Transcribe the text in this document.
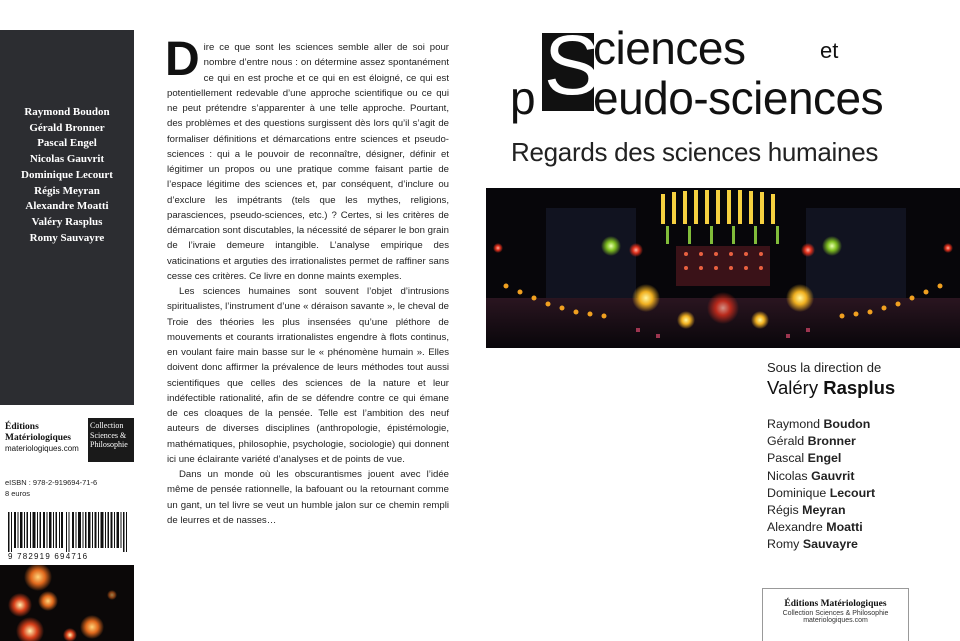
Raymond Boudon
Gérald Bronner
Pascal Engel
Nicolas Gauvrit
Dominique Lecourt
Régis Meyran
Alexandre Moatti
Valéry Rasplus
Romy Sauvayre
Éditions
Matériologiques
materiologiques.com
Collection
Sciences &
Philosophie
eISBN : 978-2-919694-71-6
8 euros
9 782919 694716

Dire ce que sont les sciences semble aller de soi pour nombre d’entre nous : on détermine assez spontanément ce qui en est proche et ce qui en est éloigné, ce qui est potentiellement redevable d’une approche scientifique ou ce qui ne peut prétendre s’apparenter à une telle approche. Pourtant, des problèmes et des questions surgissent dès lors qu’il s’agit de formaliser définitions et démarcations entre sciences et pseudo-sciences : qui a le pouvoir de reconnaître, désigner, définir et légitimer un propos ou une pratique comme faisant partie de l’espace légitime des sciences et, par conséquent, d’inclure ou d’exclure les impétrants (tels que les mythes, religions, parasciences, pseudo-sciences, etc.) ? Certes, si les critères de démarcation sont discutables, la nécessité de séparer le bon grain de l’ivraie demeure intangible. L’analyse empirique des vaticinations et arguties des irrationalistes permet de raffiner sans cesse ces critères. Ce livre en donne maints exemples.

Les sciences humaines sont souvent l’objet d’intrusions spiritualistes, l’instrument d’une « déraison savante », le cheval de Troie des théories les plus insensées qu’une pléthore de mouvements et courants irrationalistes engendre à flots continus, en voulant faire main basse sur le « phénomène humain ». Elles doivent donc affirmer la prévalence de leurs méthodes tout aussi scientifiques que celles des sciences de la nature et leur indéfectible rationalité, afin de se défendre contre ce qui émane de ces cloaques de la pensée. Telle est l’ambition des neuf auteurs de diverses disciplines (anthropologie, épistémologie, mathématiques, philosophie, psychologie, sociologie) qui donnent ici une éclairante variété d’analyses et de points de vue.

Dans un monde où les obscurantismes jouent avec l’idée même de pensée rationnelle, la bafouant ou la retournant comme un gant, un tel livre se veut un humble jalon sur ce chemin rempli de leurres et de nasses…

S
ciences	et
p eudo-sciences
Regards des sciences humaines
Sous la direction de
Valéry Rasplus
Raymond Boudon
Gérald Bronner
Pascal Engel
Nicolas Gauvrit
Dominique Lecourt
Régis Meyran
Alexandre Moatti
Romy Sauvayre
Éditions Matériologiques
Collection Sciences & Philosophie
materiologiques.com
